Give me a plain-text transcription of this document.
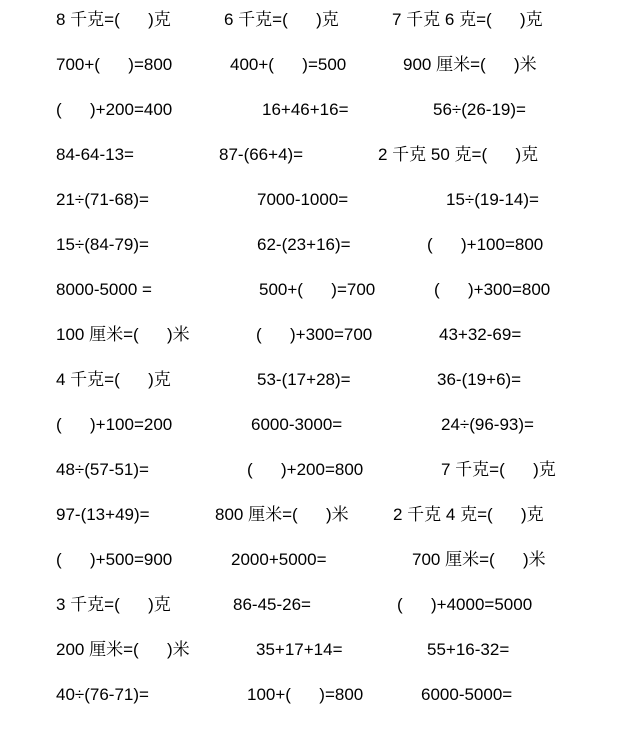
8 千克=(      )克	6 千克=(      )克	7 千克 6 克=(      )克
700+(      )=800	400+(      )=500	900 厘米=(      )米
(      )+200=400	16+46+16=	56÷(26-19)=
84-64-13=	87-(66+4)=	2 千克 50 克=(      )克
21÷(71-68)=	7000-1000=	15÷(19-14)=
15÷(84-79)=	62-(23+16)=	(      )+100=800
8000-5000 =	500+(      )=700	(      )+300=800
100 厘米=(      )米	(      )+300=700	43+32-69=
4 千克=(      )克	53-(17+28)=	36-(19+6)=
(      )+100=200	6000-3000=	24÷(96-93)=
48÷(57-51)=	(      )+200=800	7 千克=(      )克
97-(13+49)=	800 厘米=(      )米	2 千克 4 克=(      )克
(      )+500=900	2000+5000=	700 厘米=(      )米
3 千克=(      )克	86-45-26=	(      )+4000=5000
200 厘米=(      )米	35+17+14=	55+16-32=
40÷(76-71)=	100+(      )=800	6000-5000=
